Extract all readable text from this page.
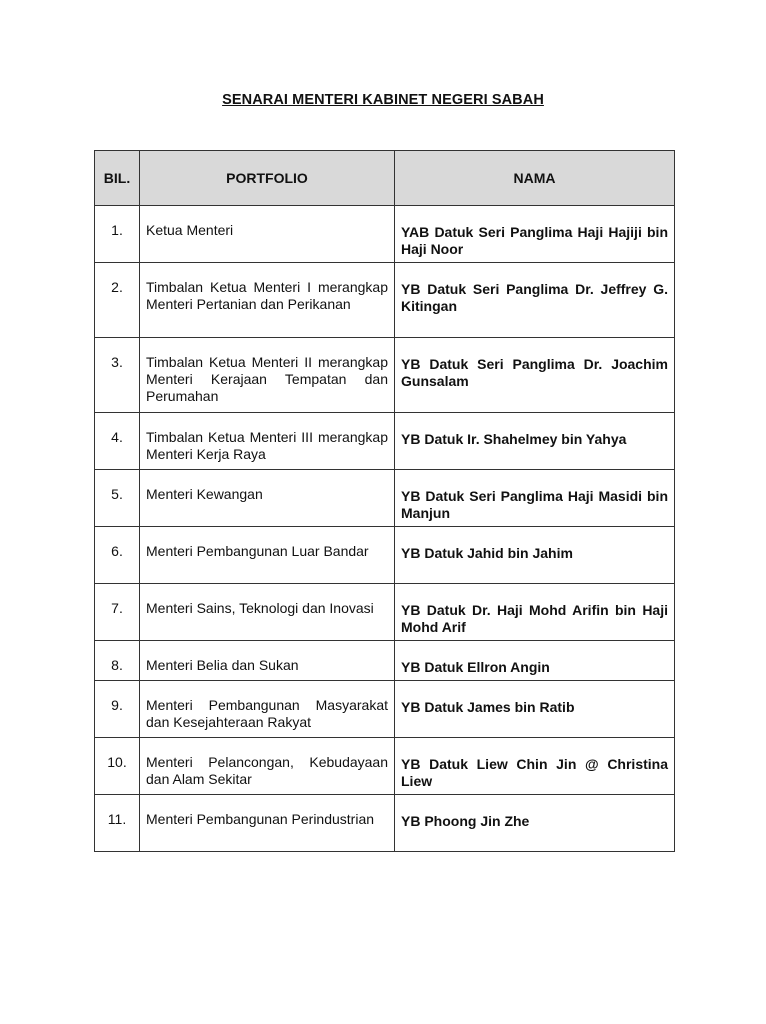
SENARAI MENTERI KABINET NEGERI SABAH
BIL.	PORTFOLIO	NAMA
1.	Ketua Menteri	YAB Datuk Seri Panglima Haji Hajiji bin Haji Noor
2.	Timbalan Ketua Menteri I merangkap Menteri Pertanian dan Perikanan	YB Datuk Seri Panglima Dr. Jeffrey G. Kitingan
3.	Timbalan Ketua Menteri II merangkap Menteri Kerajaan Tempatan dan Perumahan	YB Datuk Seri Panglima Dr. Joachim Gunsalam
4.	Timbalan Ketua Menteri III merangkap Menteri Kerja Raya	YB Datuk Ir. Shahelmey bin Yahya
5.	Menteri Kewangan	YB Datuk Seri Panglima Haji Masidi bin Manjun
6.	Menteri Pembangunan Luar Bandar	YB Datuk Jahid bin Jahim
7.	Menteri Sains, Teknologi dan Inovasi	YB Datuk Dr. Haji Mohd Arifin bin Haji Mohd Arif
8.	Menteri Belia dan Sukan	YB Datuk Ellron Angin
9.	Menteri Pembangunan Masyarakat dan Kesejahteraan Rakyat	YB Datuk James bin Ratib
10.	Menteri Pelancongan, Kebudayaan dan Alam Sekitar	YB Datuk Liew Chin Jin @ Christina Liew
11.	Menteri Pembangunan Perindustrian	YB Phoong Jin Zhe
